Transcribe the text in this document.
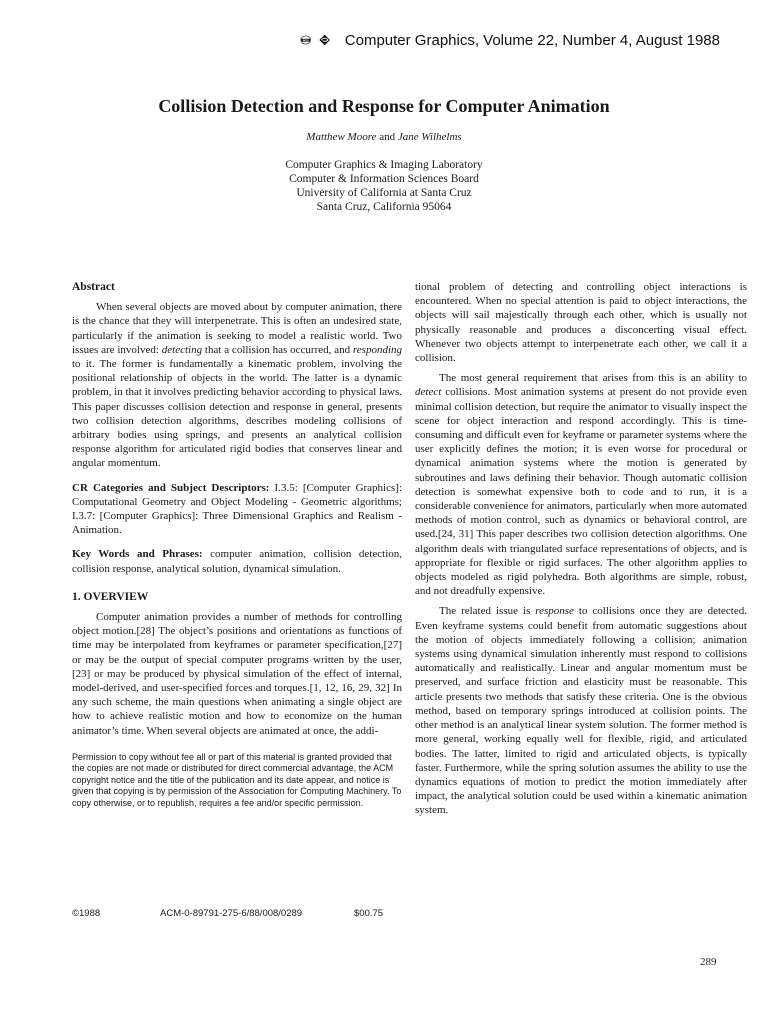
acm Computer Graphics, Volume 22, Number 4, August 1988
Collision Detection and Response for Computer Animation
Matthew Moore and Jane Wilhelms
Computer Graphics & Imaging Laboratory
Computer & Information Sciences Board
University of California at Santa Cruz
Santa Cruz, California 95064
Abstract

When several objects are moved about by computer animation, there is the chance that they will interpenetrate. This is often an undesired state, particularly if the animation is seeking to model a realistic world. Two issues are involved: detecting that a collision has occurred, and responding to it. The former is fundamentally a kinematic problem, involving the positional relationship of objects in the world. The latter is a dynamic problem, in that it involves predicting behavior according to physical laws. This paper discusses collision detection and response in general, presents two collision detection algorithms, describes modeling collisions of arbitrary bodies using springs, and presents an analytical collision response algorithm for articulated rigid bodies that conserves linear and angular momentum.

CR Categories and Subject Descriptors: I.3.5: [Computer Graphics]: Computational Geometry and Object Modeling - Geometric algorithms; I.3.7: [Computer Graphics]: Three Dimensional Graphics and Realism - Animation.

Key Words and Phrases: computer animation, collision detection, collision response, analytical solution, dynamical simulation.

1. OVERVIEW

Computer animation provides a number of methods for controlling object motion.[28] The object’s positions and orientations as functions of time may be interpolated from keyframes or parameter specification,[27] or may be the output of special computer programs written by the user,[23] or may be produced by physical simulation of the effect of internal, model-derived, and user-specified forces and torques.[1, 12, 16, 29, 32] In any such scheme, the main questions when animating a single object are how to achieve realistic motion and how to economize on the human animator’s time. When several objects are animated at once, the addi-

Permission to copy without fee all or part of this material is granted provided that the copies are not made or distributed for direct commercial advantage, the ACM copyright notice and the title of the publication and its date appear, and notice is given that copying is by permission of the Association for Computing Machinery. To copy otherwise, or to republish, requires a fee and/or specific permission.

tional problem of detecting and controlling object interactions is encountered. When no special attention is paid to object interactions, the objects will sail majestically through each other, which is usually not physically reasonable and produces a disconcerting visual effect. Whenever two objects attempt to interpenetrate each other, we call it a collision.

The most general requirement that arises from this is an ability to detect collisions. Most animation systems at present do not provide even minimal collision detection, but require the animator to visually inspect the scene for object interaction and respond accordingly. This is time-consuming and difficult even for keyframe or parameter systems where the user explicitly defines the motion; it is even worse for procedural or dynamical animation systems where the motion is generated by subroutines and laws defining their behavior. Though automatic collision detection is somewhat expensive both to code and to run, it is a considerable convenience for animators, particularly when more automated methods of motion control, such as dynamics or behavioral control, are used.[24, 31] This paper describes two collision detection algorithms. One algorithm deals with triangulated surface representations of objects, and is appropriate for flexible or rigid surfaces. The other algorithm applies to objects modeled as rigid polyhedra. Both algorithms are simple, robust, and not dreadfully expensive.

The related issue is response to collisions once they are detected. Even keyframe systems could benefit from automatic suggestions about the motion of objects immediately following a collision; animation systems using dynamical simulation inherently must respond to collisions automatically and realistically. Linear and angular momentum must be preserved, and surface friction and elasticity must be reasonable. This article presents two methods that satisfy these criteria. One is the obvious method, based on temporary springs introduced at collision points. The other method is an analytical linear system solution. The former method is more general, working equally well for flexible, rigid, and articulated bodies. The latter, limited to rigid and articulated objects, is typically faster. Furthermore, while the spring solution assumes the ability to use the dynamics equations of motion to predict the motion immediately after impact, the analytical solution could be used within a kinematic animation system.

©1988	ACM-0-89791-275-6/88/008/0289	$00.75
289
